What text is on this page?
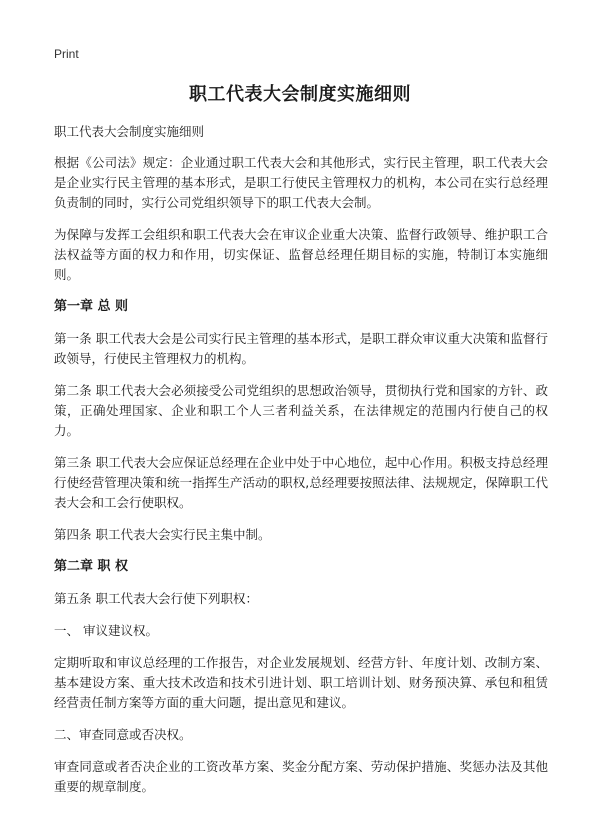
Print
职工代表大会制度实施细则

职工代表大会制度实施细则

根据《公司法》规定：企业通过职工代表大会和其他形式，实行民主管理，职工代表大会是企业实行民主管理的基本形式，是职工行使民主管理权力的机构，本公司在实行总经理负责制的同时，实行公司党组织领导下的职工代表大会制。

为保障与发挥工会组织和职工代表大会在审议企业重大决策、监督行政领导、维护职工合法权益等方面的权力和作用，切实保证、监督总经理任期目标的实施，特制订本实施细则。

第一章 总 则

第一条 职工代表大会是公司实行民主管理的基本形式，是职工群众审议重大决策和监督行政领导，行使民主管理权力的机构。

第二条 职工代表大会必须接受公司党组织的思想政治领导，贯彻执行党和国家的方针、政策，正确处理国家、企业和职工个人三者利益关系，在法律规定的范围内行使自己的权力。

第三条 职工代表大会应保证总经理在企业中处于中心地位，起中心作用。积极支持总经理行使经营管理决策和统一指挥生产活动的职权,总经理要按照法律、法规规定，保障职工代表大会和工会行使职权。

第四条 职工代表大会实行民主集中制。

第二章 职 权

第五条 职工代表大会行使下列职权：

一、 审议建议权。

定期听取和审议总经理的工作报告，对企业发展规划、经营方针、年度计划、改制方案、基本建设方案、重大技术改造和技术引进计划、职工培训计划、财务预决算、承包和租赁经营责任制方案等方面的重大问题，提出意见和建议。

二、审查同意或否决权。

审查同意或者否决企业的工资改革方案、奖金分配方案、劳动保护措施、奖惩办法及其他重要的规章制度。
